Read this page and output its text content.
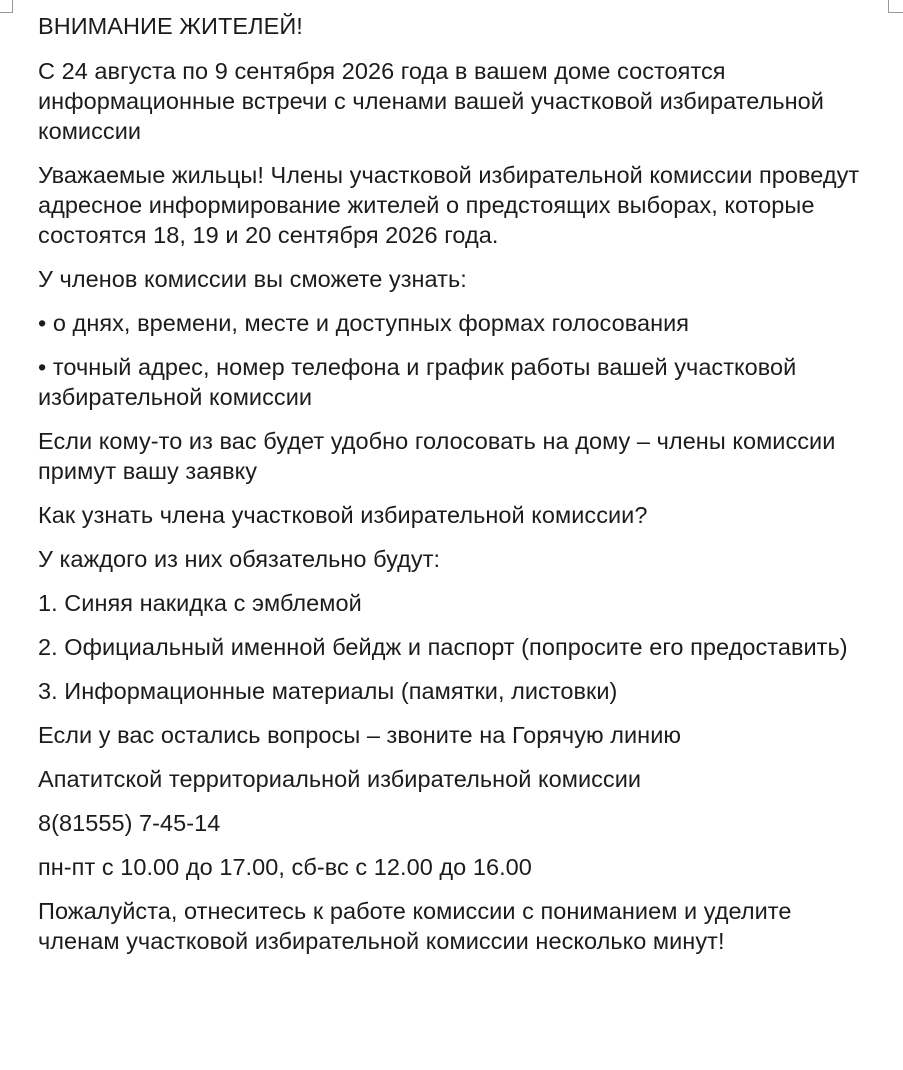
ВНИМАНИЕ ЖИТЕЛЕЙ!

С 24 августа по 9 сентября 2026 года в вашем доме состоятся информационные встречи с членами вашей участковой избирательной комиссии

Уважаемые жильцы! Члены участковой избирательной комиссии проведут адресное информирование жителей о предстоящих выборах, которые состоятся 18, 19 и 20 сентября 2026 года.

У членов комиссии вы сможете узнать:

• о днях, времени, месте и доступных формах голосования

• точный адрес, номер телефона и график работы вашей участковой избирательной комиссии

Если кому-то из вас будет удобно голосовать на дому – члены комиссии примут вашу заявку

Как узнать члена участковой избирательной комиссии?

У каждого из них обязательно будут:

1. Синяя накидка с эмблемой

2. Официальный именной бейдж и паспорт (попросите его предоставить)

3. Информационные материалы (памятки, листовки)

Если у вас остались вопросы – звоните на Горячую линию

Апатитской территориальной избирательной комиссии

8(81555) 7-45-14

пн-пт с 10.00 до 17.00, сб-вс с 12.00 до 16.00

Пожалуйста, отнеситесь к работе комиссии с пониманием и уделите членам участковой избирательной комиссии несколько минут!
